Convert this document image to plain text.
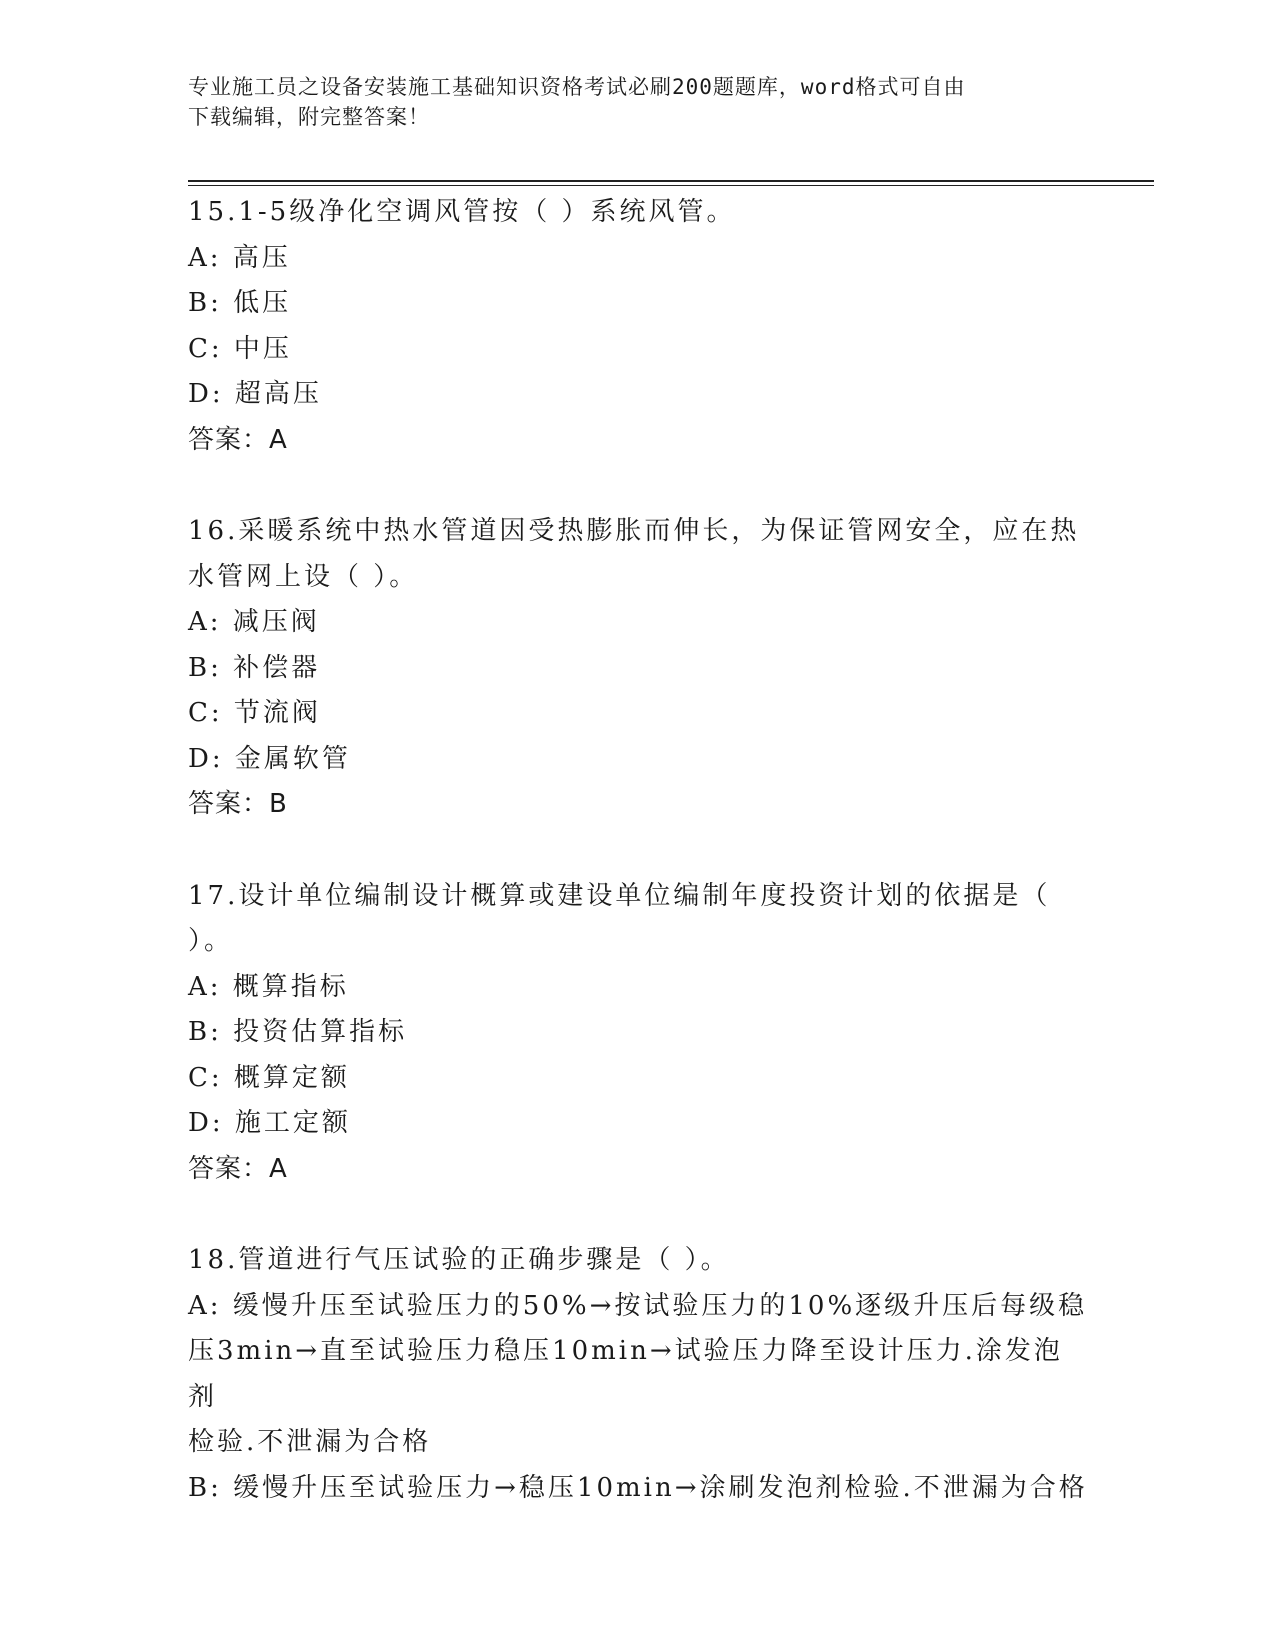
专业施工员之设备安装施工基础知识资格考试必刷200题题库，word格式可自由
下载编辑，附完整答案！

15.1-5级净化空调风管按（ ）系统风管。

A: 高压

B: 低压

C: 中压

D: 超高压

答案：A

16.采暖系统中热水管道因受热膨胀而伸长，为保证管网安全，应在热

水管网上设（ ）。

A: 减压阀

B: 补偿器

C: 节流阀

D: 金属软管

答案：B

17.设计单位编制设计概算或建设单位编制年度投资计划的依据是（

）。

A: 概算指标

B: 投资估算指标

C: 概算定额

D: 施工定额

答案：A

18.管道进行气压试验的正确步骤是（ ）。

A: 缓慢升压至试验压力的50%→按试验压力的10%逐级升压后每级稳

压3min→直至试验压力稳压10min→试验压力降至设计压力.涂发泡剂

检验.不泄漏为合格

B: 缓慢升压至试验压力→稳压10min→涂刷发泡剂检验.不泄漏为合格
